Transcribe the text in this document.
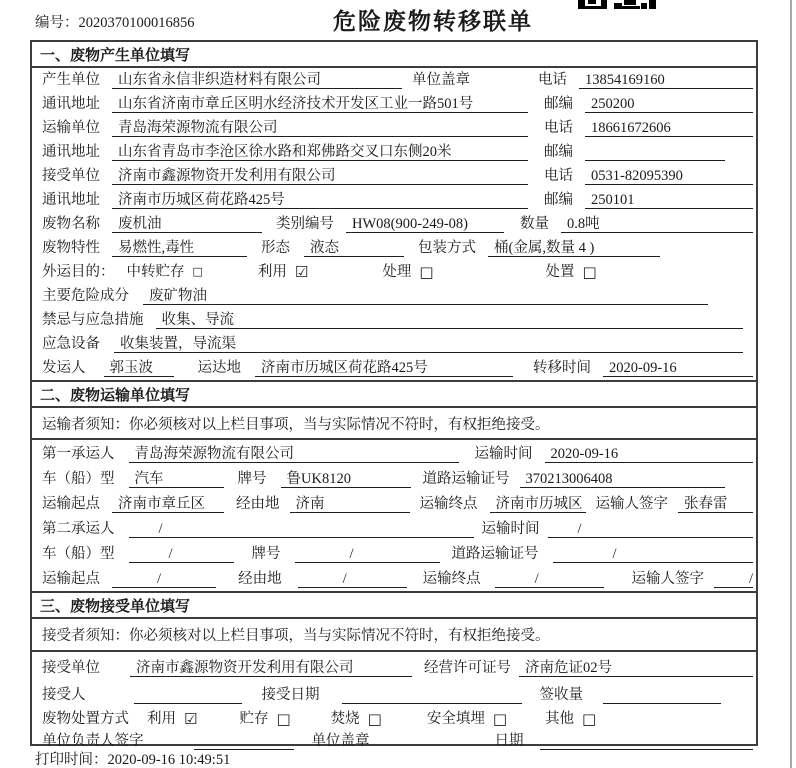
编号：2020370100016856	危险废物转移联单
一、废物产生单位填写
产生单位	山东省永信非织造材料有限公司	单位盖章	电话	13854169160
通讯地址	山东省济南市章丘区明水经济技术开发区工业一路501号	邮编	250200
运输单位	青岛海荣源物流有限公司	电话	18661672606
通讯地址	山东省青岛市李沧区徐水路和郑佛路交叉口东侧20米	邮编
接受单位	济南市鑫源物资开发利用有限公司	电话	0531-82095390
通讯地址	济南市历城区荷花路425号	邮编	250101
废物名称	废机油	类别编号	HW08(900-249-08)	数量	0.8吨
废物特性	易燃性,毒性	形态	液态	包装方式	桶(金属,数量 4 )
外运目的： 中转贮存 □	利用 ☑	处理 □	处置 □
主要危险成分	废矿物油
禁忌与应急措施	收集、导流
应急设备	收集装置，导流渠
发运人	郭玉波	运达地	济南市历城区荷花路425号	转移时间	2020-09-16
二、废物运输单位填写
运输者须知：你必须核对以上栏目事项，当与实际情况不符时，有权拒绝接受。
第一承运人	青岛海荣源物流有限公司	运输时间	2020-09-16
车（船）型	汽车	牌号	鲁UK8120	道路运输证号	370213006408
运输起点	济南市章丘区	经由地	济南	运输终点	济南市历城区 运输人签字	张春雷
第二承运人	/	运输时间	/
车（船）型	/	牌号	/	道路运输证号	/
运输起点	/	经由地	/	运输终点	/	运输人签字	/
三、废物接受单位填写
接受者须知：你必须核对以上栏目事项，当与实际情况不符时，有权拒绝接受。
接受单位	济南市鑫源物资开发利用有限公司	经营许可证号 济南危证02号
接受人	接受日期	签收量
废物处置方式 利用 ☑	贮存 □	焚烧 □	安全填埋 □	其他 □
单位负责人签字	单位盖章	日期
打印时间：2020-09-16 10:49:51
